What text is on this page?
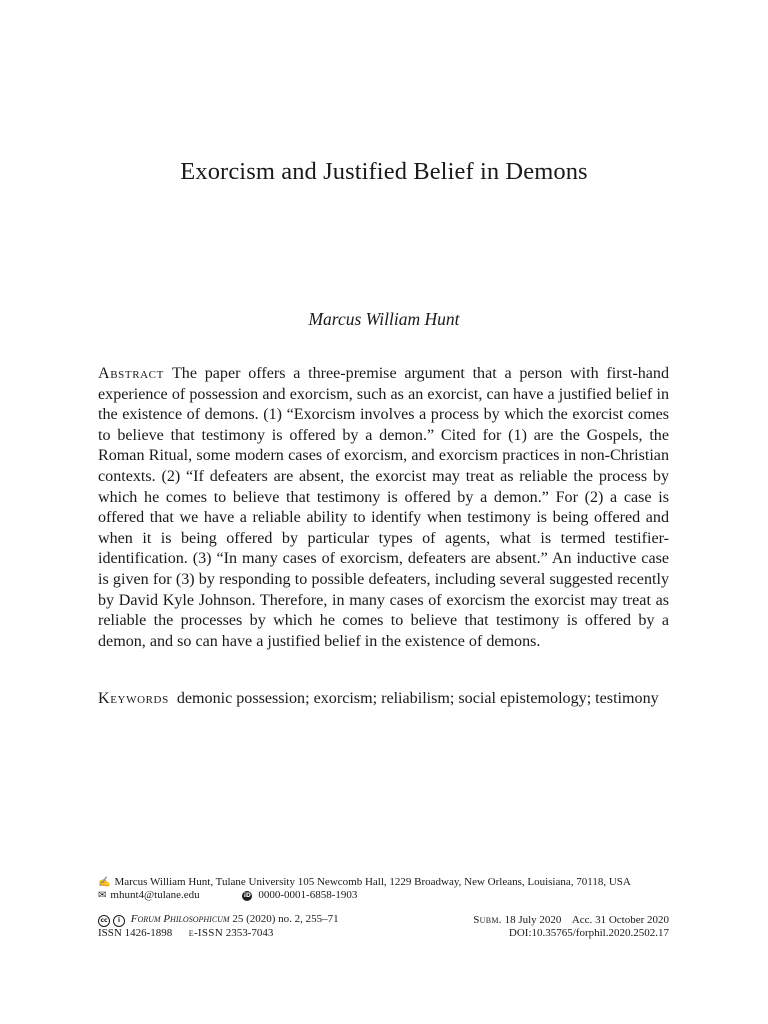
Exorcism and Justified Belief in Demons

Marcus William Hunt

Abstract The paper offers a three-premise argument that a person with first-hand experience of possession and exorcism, such as an exorcist, can have a justified belief in the existence of demons. (1) “Exorcism involves a process by which the exorcist comes to believe that testimony is offered by a demon.” Cited for (1) are the Gospels, the Roman Ritual, some modern cases of exorcism, and exorcism practices in non-Christian contexts. (2) “If defeaters are absent, the exorcist may treat as reliable the process by which he comes to believe that testimony is offered by a demon.” For (2) a case is offered that we have a reliable ability to identify when testimony is being offered and when it is being offered by particular types of agents, what is termed testifier-identification. (3) “In many cases of exorcism, defeaters are absent.” An inductive case is given for (3) by responding to possible defeaters, including several suggested recently by David Kyle Johnson. Therefore, in many cases of exorcism the exorcist may treat as reliable the processes by which he comes to believe that testimony is offered by a demon, and so can have a justified belief in the existence of demons.

Keywords demonic possession; exorcism; reliabilism; social epistemology; testimony

✍ Marcus William Hunt, Tulane University 105 Newcomb Hall, 1229 Broadway, New Orleans, Louisiana, 70118, USA
✉ mhunt4@tulane.edu	iD 0000-0001-6858-1903
cc i Forum Philosophicum 25 (2020) no. 2, 255–71	Subm. 18 July 2020 Acc. 31 October 2020
ISSN 1426-1898 e-ISSN 2353-7043	DOI:10.35765/forphil.2020.2502.17
